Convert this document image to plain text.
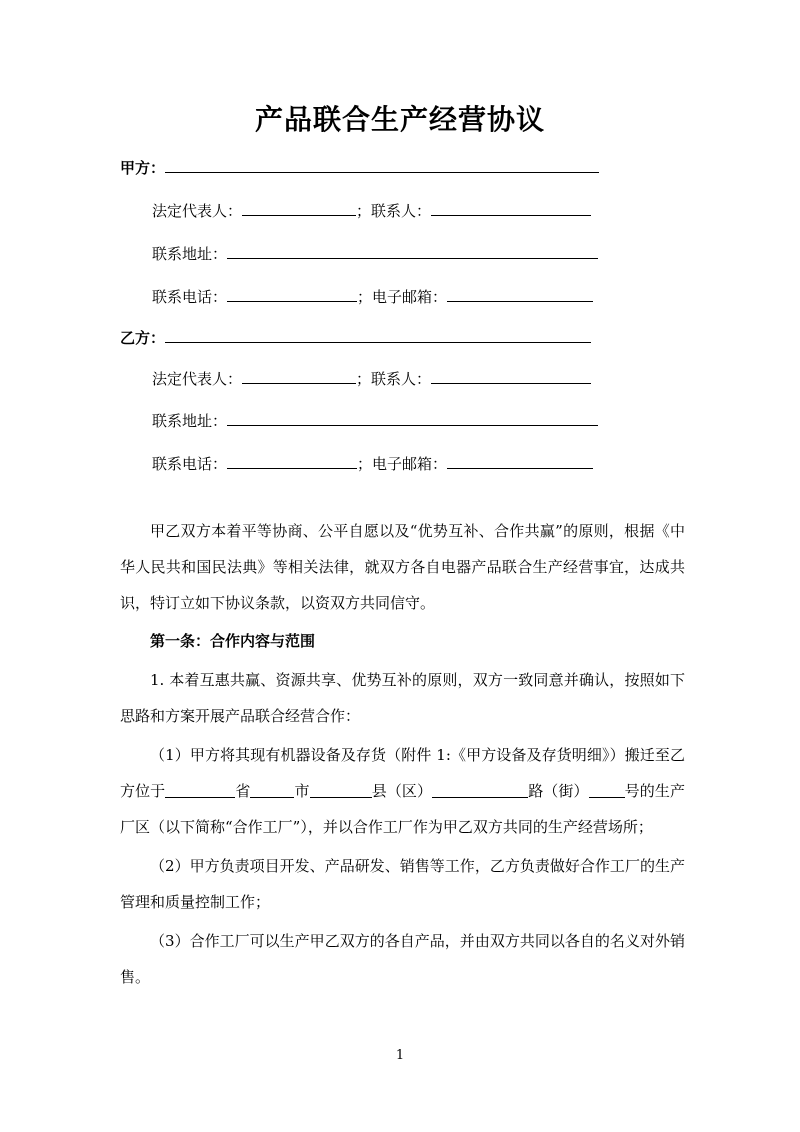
产品联合生产经营协议
甲方：
法定代表人：	；联系人：
联系地址：
联系电话：	；电子邮箱：
乙方：
法定代表人：	；联系人：
联系地址：
联系电话：	；电子邮箱：

甲乙双方本着平等协商、公平自愿以及“优势互补、合作共赢”的原则，根据《中华人民共和国民法典》等相关法律，就双方各自电器产品联合生产经营事宜，达成共识，特订立如下协议条款，以资双方共同信守。

第一条：合作内容与范围

1. 本着互惠共赢、资源共享、优势互补的原则，双方一致同意并确认，按照如下思路和方案开展产品联合经营合作：

（1）甲方将其现有机器设备及存货（附件 1:《甲方设备及存货明细》）搬迁至乙方位于	省	市	县（区）	路（街） 号的生产厂区（以下简称“合作工厂”），并以合作工厂作为甲乙双方共同的生产经营场所；

（2）甲方负责项目开发、产品研发、销售等工作，乙方负责做好合作工厂的生产管理和质量控制工作；

（3）合作工厂可以生产甲乙双方的各自产品，并由双方共同以各自的名义对外销售。

1
